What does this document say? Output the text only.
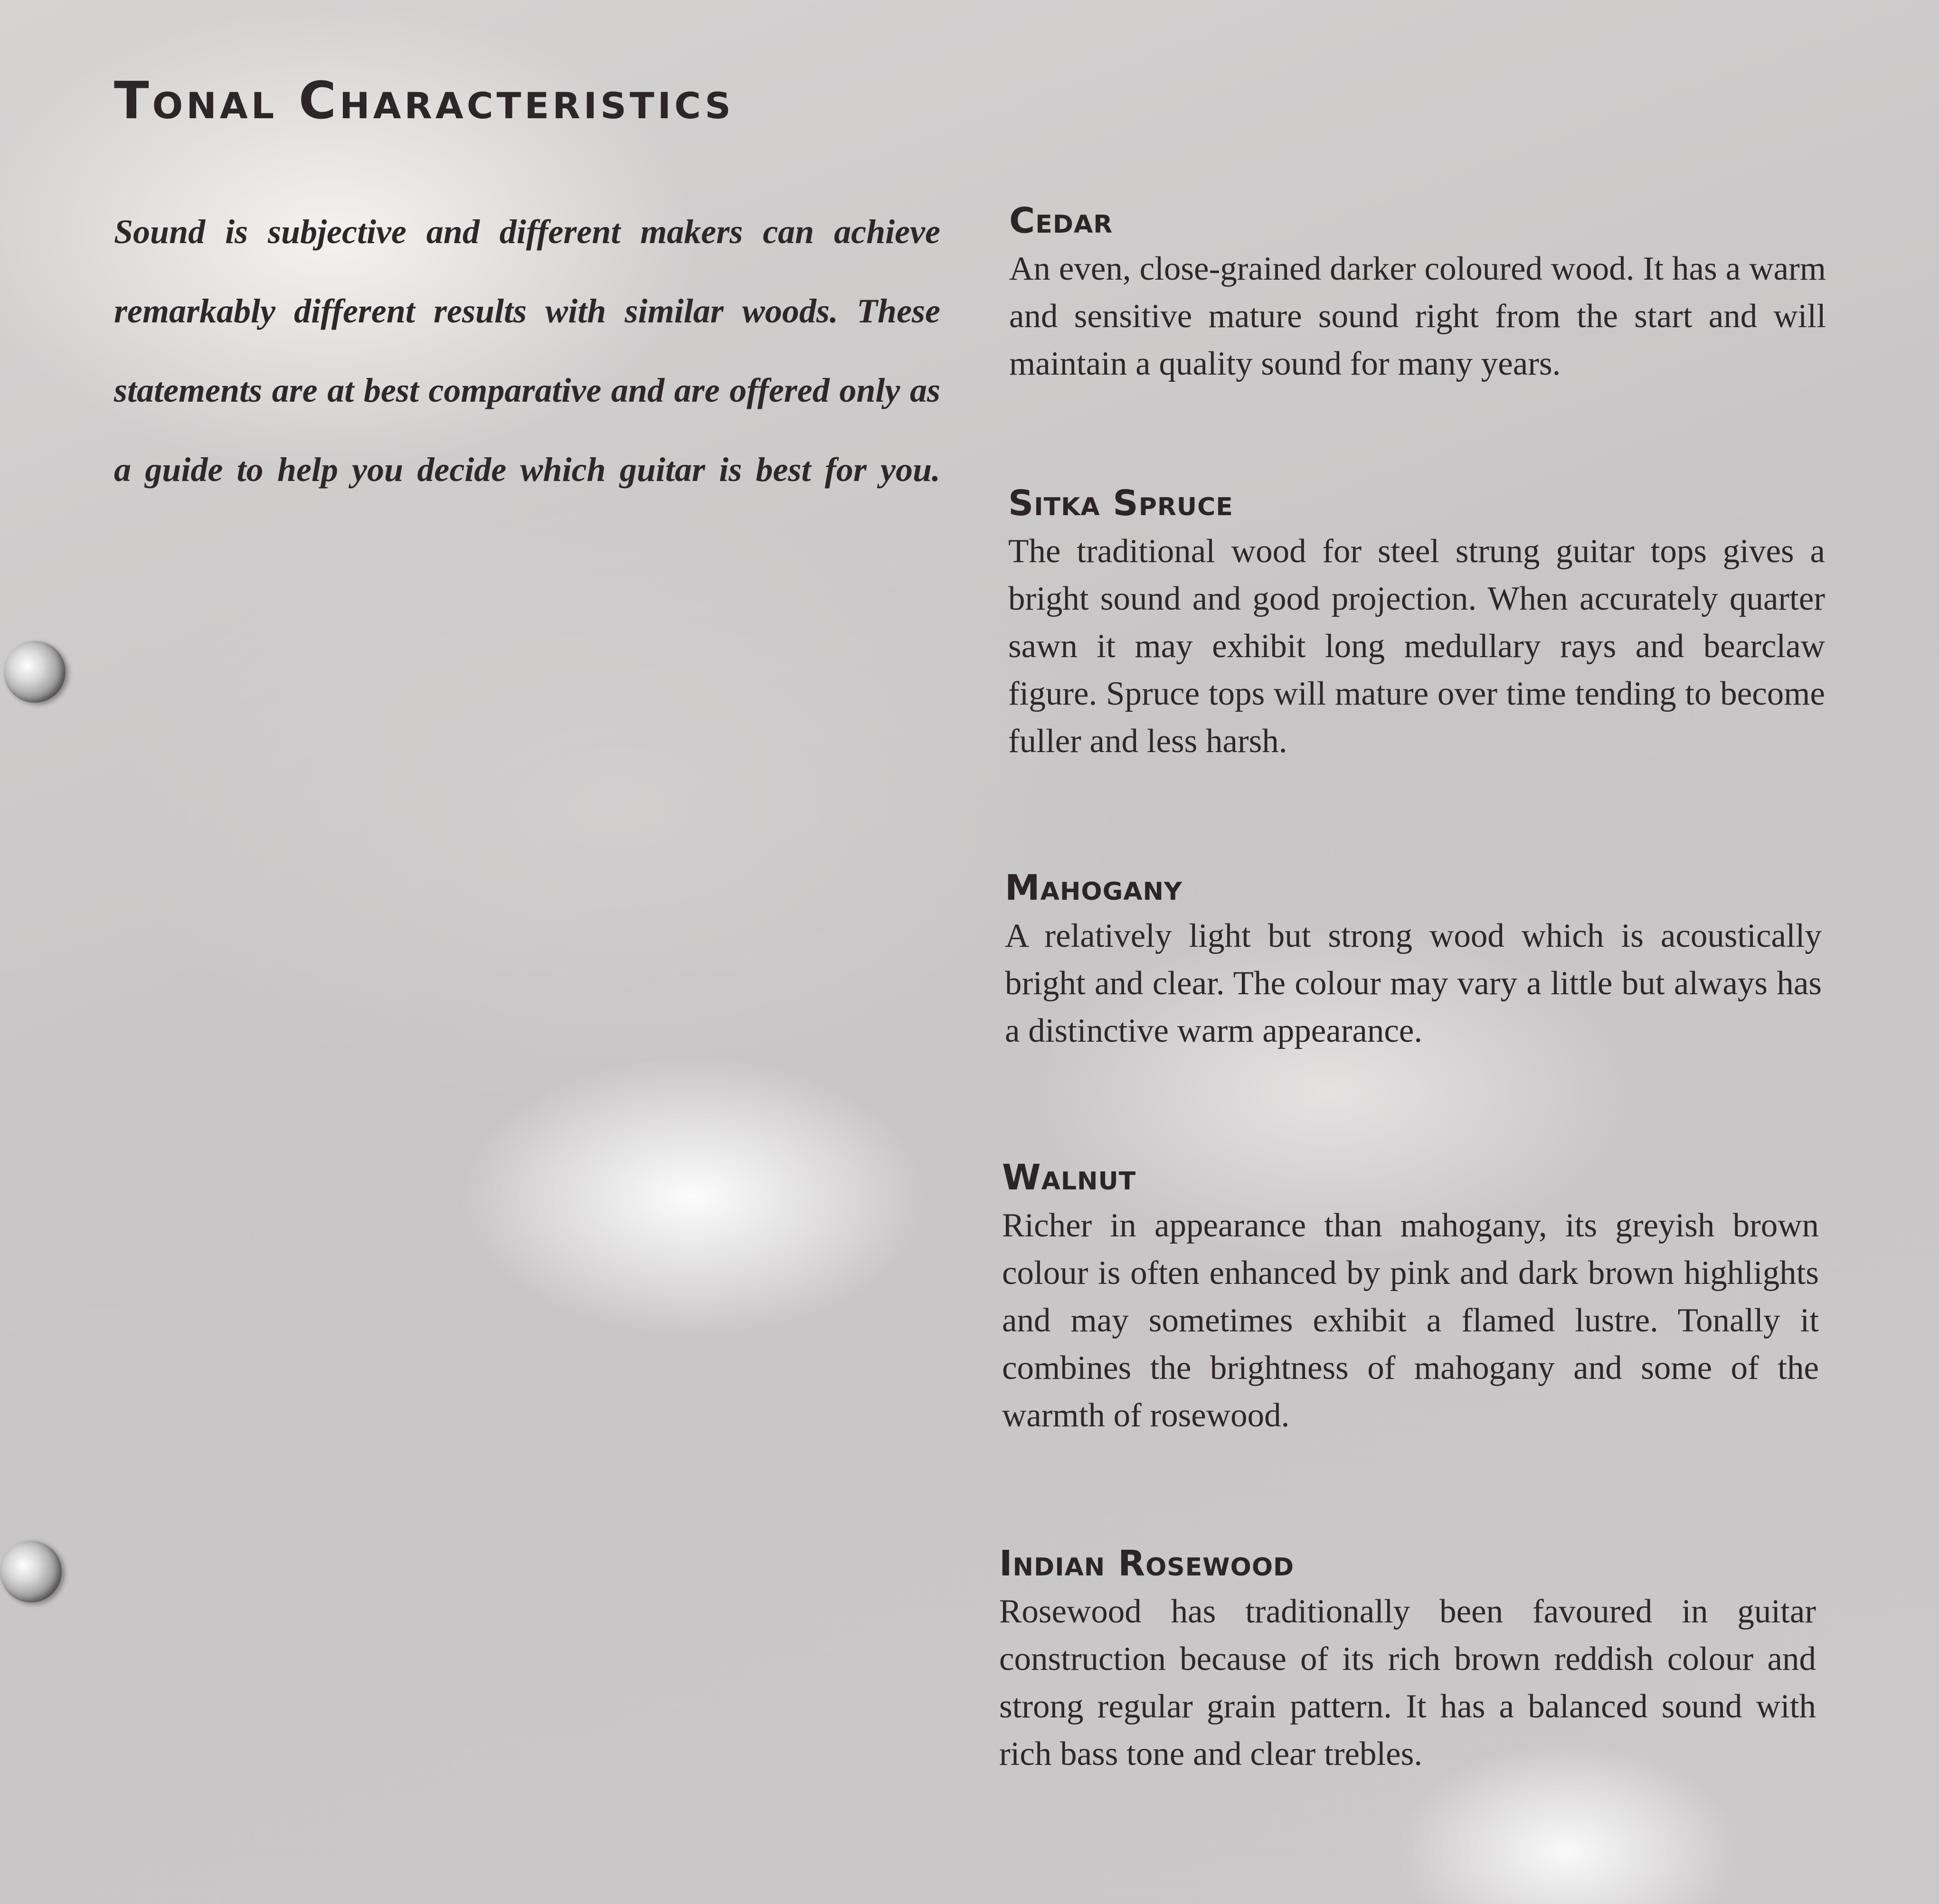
Tonal Characteristics

Sound is subjective and different makers can achieve remarkably different results with similar woods. These statements are at best comparative and are offered only as a guide to help you decide which guitar is best for you.

Cedar

An even, close-grained darker coloured wood. It has a warm and sensitive mature sound right from the start and will maintain a quality sound for many years.

Sitka Spruce

The traditional wood for steel strung guitar tops gives a bright sound and good projection. When accurately quarter sawn it may exhibit long medullary rays and bearclaw figure. Spruce tops will mature over time tending to become fuller and less harsh.

Mahogany

A relatively light but strong wood which is acoustically bright and clear. The colour may vary a little but always has a distinctive warm appearance.

Walnut

Richer in appearance than mahogany, its greyish brown colour is often enhanced by pink and dark brown highlights and may sometimes exhibit a flamed lustre. Tonally it combines the brightness of mahogany and some of the warmth of rosewood.

Indian Rosewood

Rosewood has traditionally been favoured in guitar construction because of its rich brown reddish colour and strong regular grain pattern. It has a balanced sound with rich bass tone and clear trebles.
